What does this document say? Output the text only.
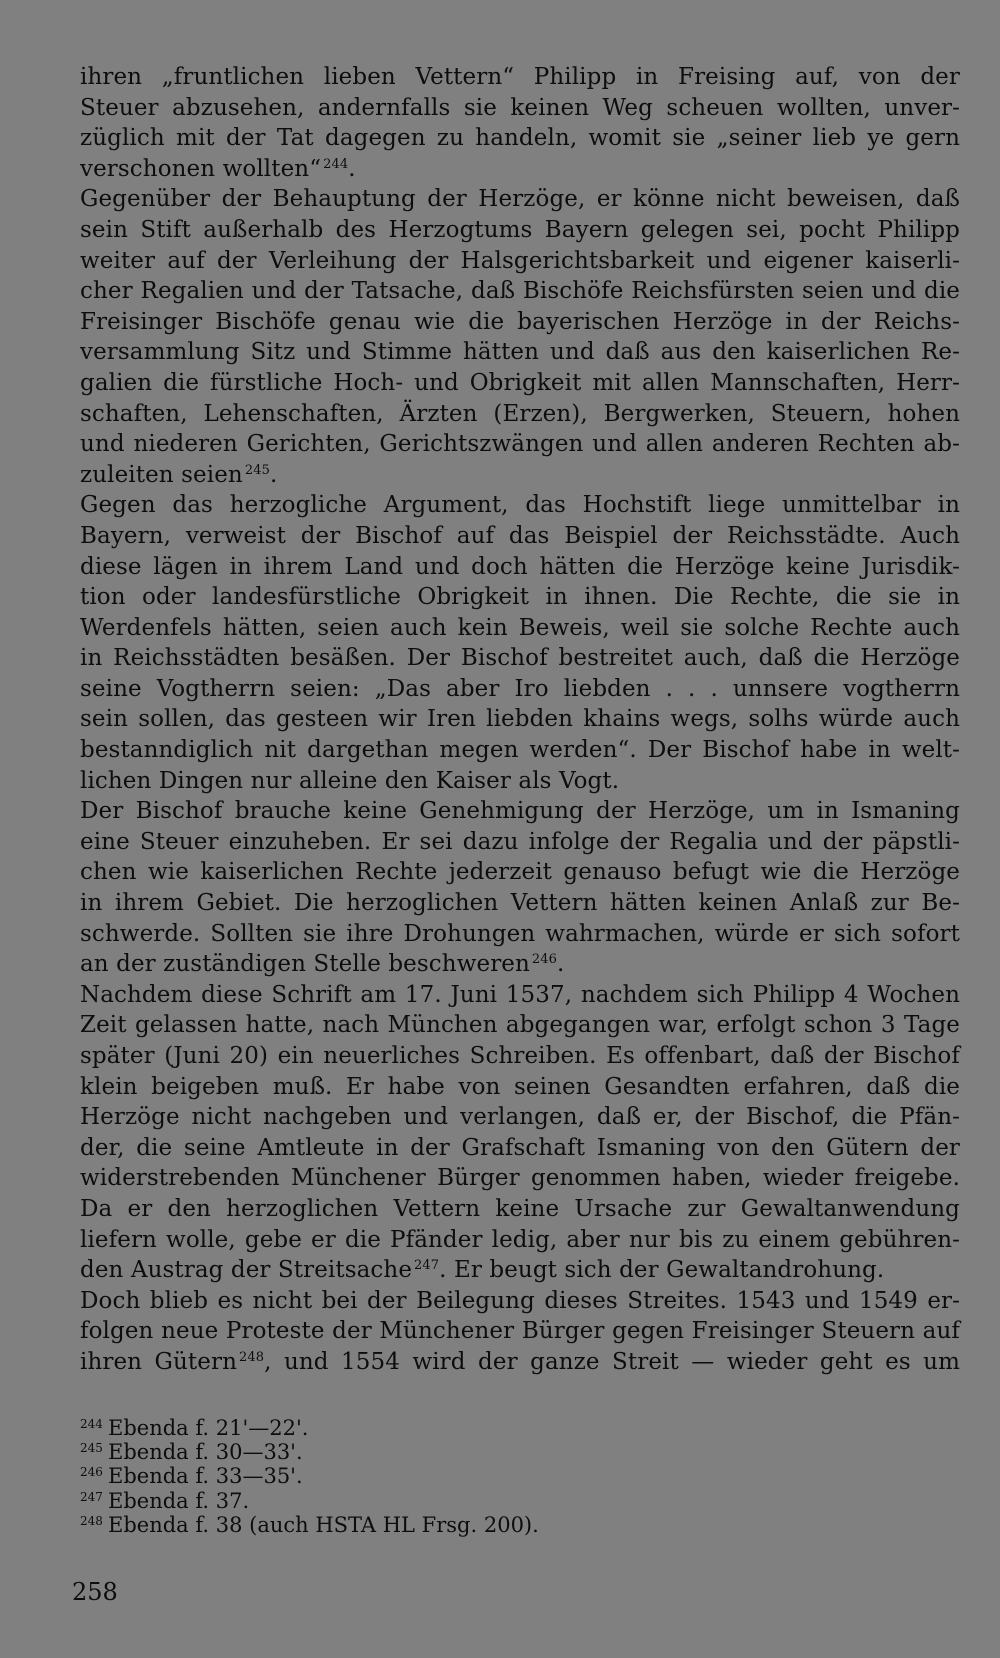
ihren „fruntlichen lieben Vettern“ Philipp in Freising auf, von der
Steuer abzusehen, andernfalls sie keinen Weg scheuen wollten, unver-
züglich mit der Tat dagegen zu handeln, womit sie „seiner lieb ye gern
verschonen wollten“ $^{244}$.
Gegenüber der Behauptung der Herzöge, er könne nicht beweisen, daß
sein Stift außerhalb des Herzogtums Bayern gelegen sei, pocht Philipp
weiter auf der Verleihung der Halsgerichtsbarkeit und eigener kaiserli-
cher Regalien und der Tatsache, daß Bischöfe Reichsfürsten seien und die
Freisinger Bischöfe genau wie die bayerischen Herzöge in der Reichs-
versammlung Sitz und Stimme hätten und daß aus den kaiserlichen Re-
galien die fürstliche Hoch- und Obrigkeit mit allen Mannschaften, Herr-
schaften, Lehenschaften, Ärzten (Erzen), Bergwerken, Steuern, hohen
und niederen Gerichten, Gerichtszwängen und allen anderen Rechten ab-
zuleiten seien $^{245}$.
Gegen das herzogliche Argument, das Hochstift liege unmittelbar in
Bayern, verweist der Bischof auf das Beispiel der Reichsstädte. Auch
diese lägen in ihrem Land und doch hätten die Herzöge keine Jurisdik-
tion oder landesfürstliche Obrigkeit in ihnen. Die Rechte, die sie in
Werdenfels hätten, seien auch kein Beweis, weil sie solche Rechte auch
in Reichsstädten besäßen. Der Bischof bestreitet auch, daß die Herzöge
seine Vogtherrn seien: „Das aber Iro liebden . . . unnsere vogtherrn
sein sollen, das gesteen wir Iren liebden khains wegs, solhs würde auch
bestanndiglich nit dargethan megen werden“. Der Bischof habe in welt-
lichen Dingen nur alleine den Kaiser als Vogt.
Der Bischof brauche keine Genehmigung der Herzöge, um in Ismaning
eine Steuer einzuheben. Er sei dazu infolge der Regalia und der päpstli-
chen wie kaiserlichen Rechte jederzeit genauso befugt wie die Herzöge
in ihrem Gebiet. Die herzoglichen Vettern hätten keinen Anlaß zur Be-
schwerde. Sollten sie ihre Drohungen wahrmachen, würde er sich sofort
an der zuständigen Stelle beschweren $^{246}$.
Nachdem diese Schrift am 17. Juni 1537, nachdem sich Philipp 4 Wochen
Zeit gelassen hatte, nach München abgegangen war, erfolgt schon 3 Tage
später (Juni 20) ein neuerliches Schreiben. Es offenbart, daß der Bischof
klein beigeben muß. Er habe von seinen Gesandten erfahren, daß die
Herzöge nicht nachgeben und verlangen, daß er, der Bischof, die Pfän-
der, die seine Amtleute in der Grafschaft Ismaning von den Gütern der
widerstrebenden Münchener Bürger genommen haben, wieder freigebe.
Da er den herzoglichen Vettern keine Ursache zur Gewaltanwendung
liefern wolle, gebe er die Pfänder ledig, aber nur bis zu einem gebühren-
den Austrag der Streitsache $^{247}$. Er beugt sich der Gewaltandrohung.
Doch blieb es nicht bei der Beilegung dieses Streites. 1543 und 1549 er-
folgen neue Proteste der Münchener Bürger gegen Freisinger Steuern auf
ihren Gütern $^{248}$, und 1554 wird der ganze Streit — wieder geht es um
244 Ebenda f. 21'—22'.
245 Ebenda f. 30—33'.
246 Ebenda f. 33—35'.
247 Ebenda f. 37.
248 Ebenda f. 38 (auch HSTA HL Frsg. 200).
258
